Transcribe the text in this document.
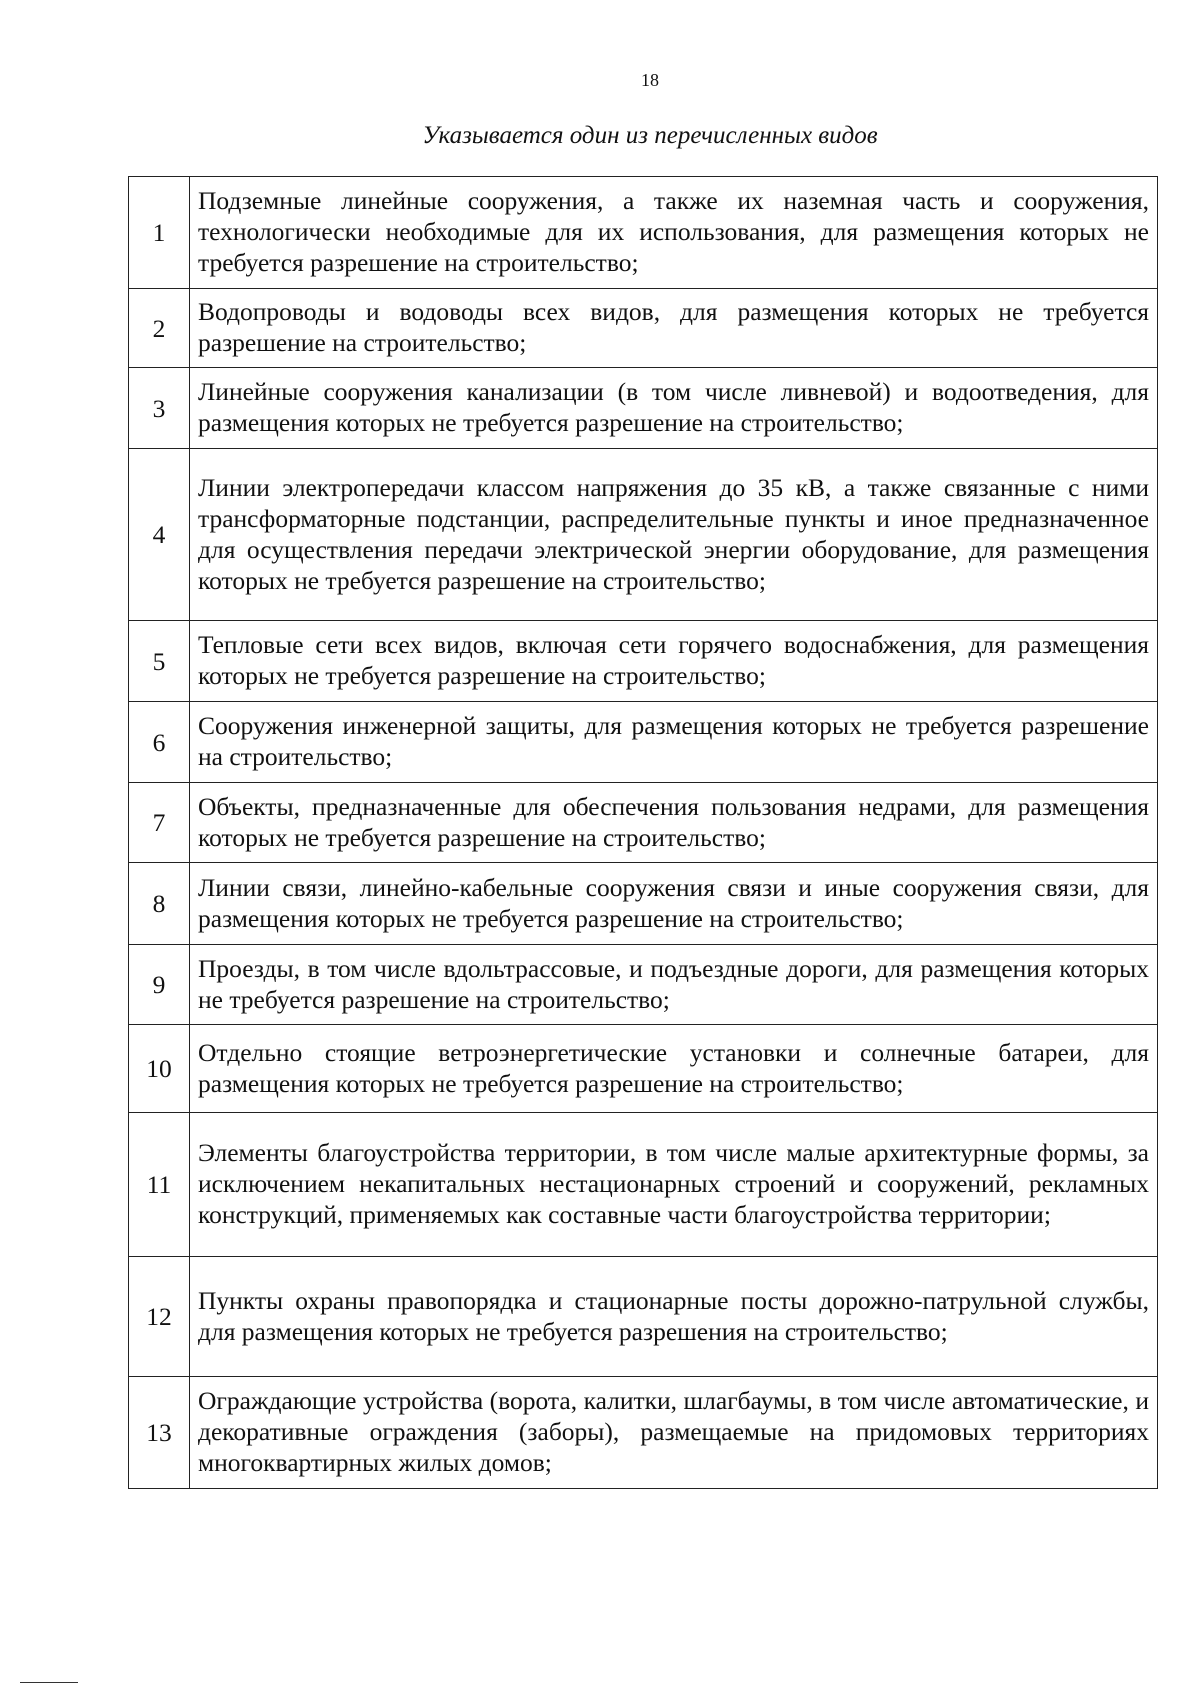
18
Указывается один из перечисленных видов
1	Подземные линейные сооружения, а также их наземная часть и сооружения, технологически необходимые для их использования, для размещения которых не требуется разрешение на строительство;
2	Водопроводы и водоводы всех видов, для размещения которых не требуется разрешение на строительство;
3	Линейные сооружения канализации (в том числе ливневой) и водоотведения, для размещения которых не требуется разрешение на строительство;
4	Линии электропередачи классом напряжения до 35 кВ, а также связанные с ними трансформаторные подстанции, распределительные пункты и иное предназначенное для осуществления передачи электрической энергии оборудование, для размещения которых не требуется разрешение на строительство;
5	Тепловые сети всех видов, включая сети горячего водоснабжения, для размещения которых не требуется разрешение на строительство;
6	Сооружения инженерной защиты, для размещения которых не требуется разрешение на строительство;
7	Объекты, предназначенные для обеспечения пользования недрами, для размещения которых не требуется разрешение на строительство;
8	Линии связи, линейно-кабельные сооружения связи и иные сооружения связи, для размещения которых не требуется разрешение на строительство;
9	Проезды, в том числе вдольтрассовые, и подъездные дороги, для размещения которых не требуется разрешение на строительство;
10	Отдельно стоящие ветроэнергетические установки и солнечные батареи, для размещения которых не требуется разрешение на строительство;
11	Элементы благоустройства территории, в том числе малые архитектурные формы, за исключением некапитальных нестационарных строений и сооружений, рекламных конструкций, применяемых как составные части благоустройства территории;
12	Пункты охраны правопорядка и стационарные посты дорожно-патрульной службы, для размещения которых не требуется разрешения на строительство;
13	Ограждающие устройства (ворота, калитки, шлагбаумы, в том числе автоматические, и декоративные ограждения (заборы), размещаемые на придомовых территориях многоквартирных жилых домов;
